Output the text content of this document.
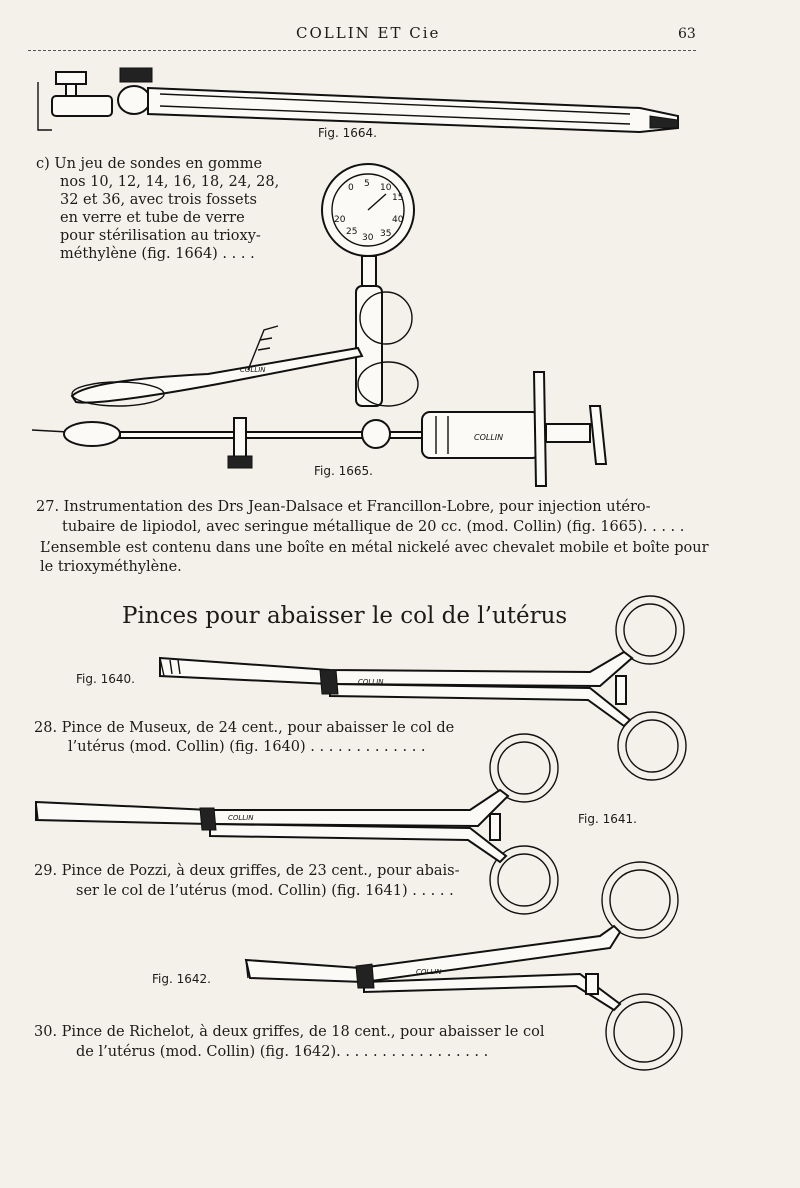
COLLIN ET Cie	63
Fig. 1664.
c) Un jeu de sondes en gomme
nos 10, 12, 14, 16, 18, 24, 28,
32 et 36, avec trois fossets
en verre et tube de verre
pour stérilisation au trioxy-
méthylène (fig. 1664) . . . .
0 5 10
15
20
25
30 35
40
COLLIN
COLLIN
Fig. 1665.
27. Instrumentation des Drs Jean-Dalsace et Francillon-Lobre, pour injection utéro-
tubaire de lipiodol, avec seringue métallique de 20 cc. (mod. Collin) (fig. 1665). . . . .
L’ensemble est contenu dans une boîte en métal nickelé avec chevalet mobile et boîte pour
le trioxyméthylène.
Pinces pour abaisser le col de l’utérus
COLLIN
Fig. 1640.
28. Pince de Museux, de 24 cent., pour abaisser le col de
l’utérus (mod. Collin) (fig. 1640) . . . . . . . . . . . . .
COLLIN	Fig. 1641.
29. Pince de Pozzi, à deux griffes, de 23 cent., pour abais-
ser le col de l’utérus (mod. Collin) (fig. 1641) . . . . .
COLLIN
Fig. 1642.
30. Pince de Richelot, à deux griffes, de 18 cent., pour abaisser le col
de l’utérus (mod. Collin) (fig. 1642). . . . . . . . . . . . . . . . .
